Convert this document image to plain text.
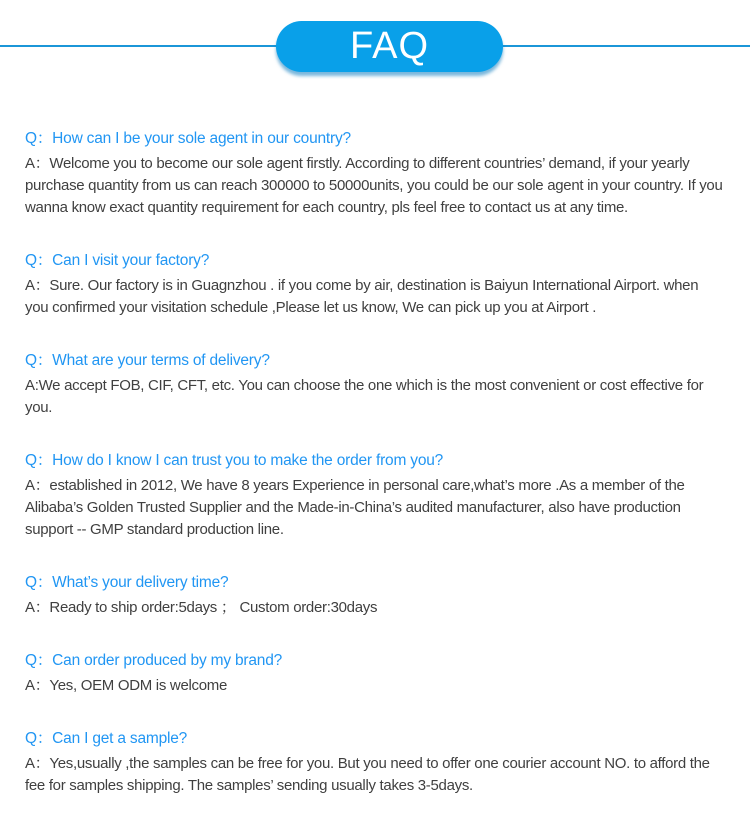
FAQ

Q：How can I be your sole agent in our country?

A：Welcome you to become our sole agent firstly. According to different countries’ demand, if your yearly purchase quantity from us can reach 300000 to 50000units, you could be our sole agent in your country. If you wanna know exact quantity requirement for each country, pls feel free to contact us at any time.

Q：Can I visit your factory?

A：Sure. Our factory is in Guagnzhou . if you come by air, destination is Baiyun International Airport. when you confirmed your visitation schedule ,Please let us know, We can pick up you at Airport .

Q：What are your terms of delivery?

A:We accept FOB, CIF, CFT, etc. You can choose the one which is the most convenient or cost effective for you.

Q：How do I know I can trust you to make the order from you?

A：established in 2012, We have 8 years Experience in personal care,what’s more .As a member of the Alibaba’s Golden Trusted Supplier and the Made-in-China’s audited manufacturer, also have production support -- GMP standard production line.

Q：What’s your delivery time?

A：Ready to ship order:5days ； Custom order:30days

Q：Can order produced by my brand?

A：Yes, OEM ODM is welcome

Q：Can I get a sample?

A：Yes,usually ,the samples can be free for you. But you need to offer one courier account NO. to afford the fee for samples shipping. The samples’ sending usually takes 3-5days.
